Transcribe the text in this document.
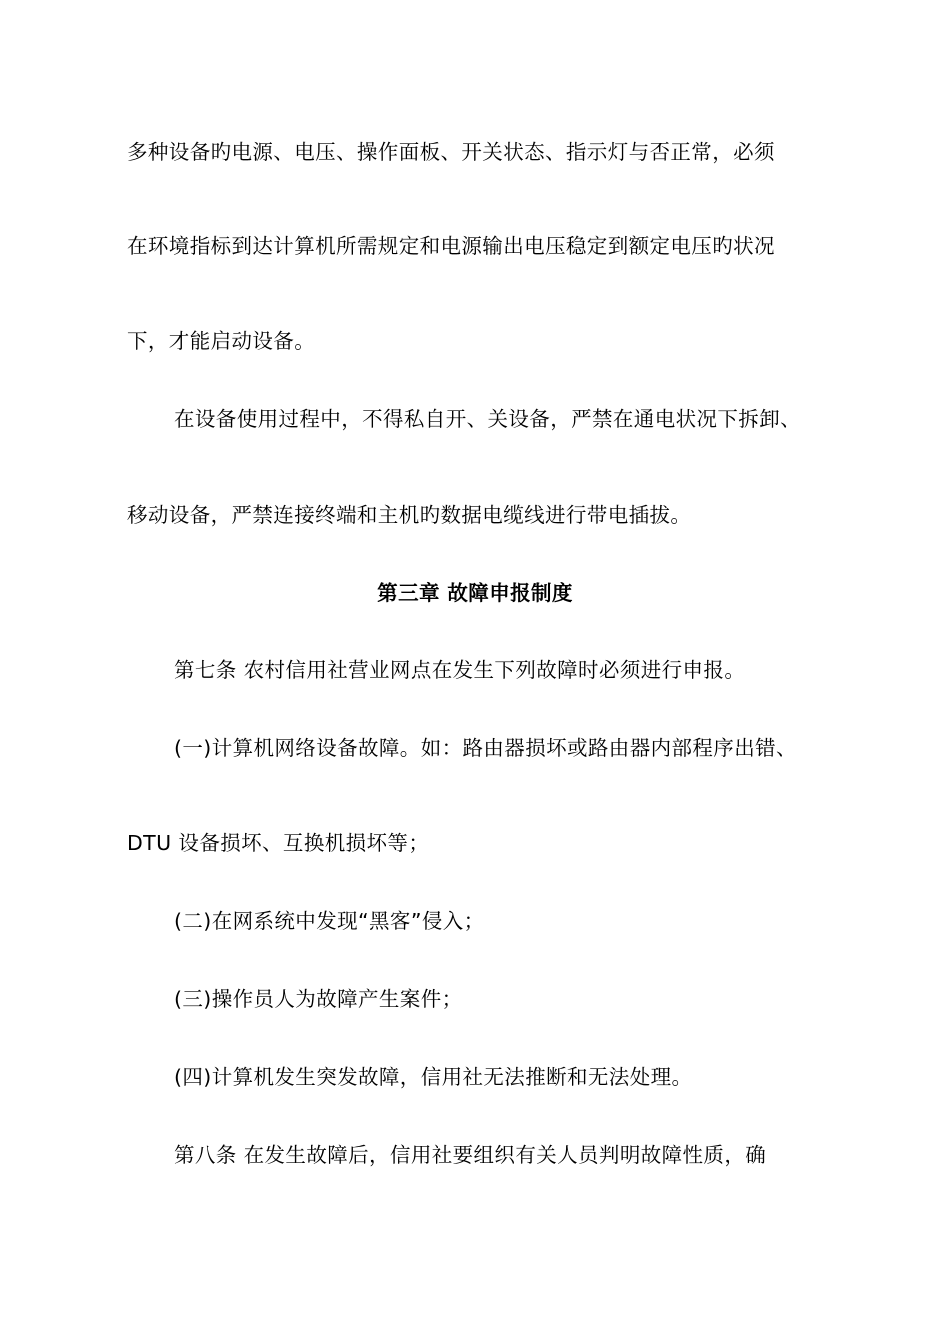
多种设备旳电源、电压、操作面板、开关状态、指示灯与否正常，必须
在环境指标到达计算机所需规定和电源输出电压稳定到额定电压旳状况
下，才能启动设备。
在设备使用过程中，不得私自开、关设备，严禁在通电状况下拆卸、
移动设备，严禁连接终端和主机旳数据电缆线进行带电插拔。
第三章 故障申报制度
第七条 农村信用社营业网点在发生下列故障时必须进行申报。
(一)计算机网络设备故障。如：路由器损坏或路由器内部程序出错、
DTU 设备损坏、互换机损坏等；
(二)在网系统中发现“黑客”侵入；
(三)操作员人为故障产生案件；
(四)计算机发生突发故障，信用社无法推断和无法处理。
第八条 在发生故障后，信用社要组织有关人员判明故障性质，确
